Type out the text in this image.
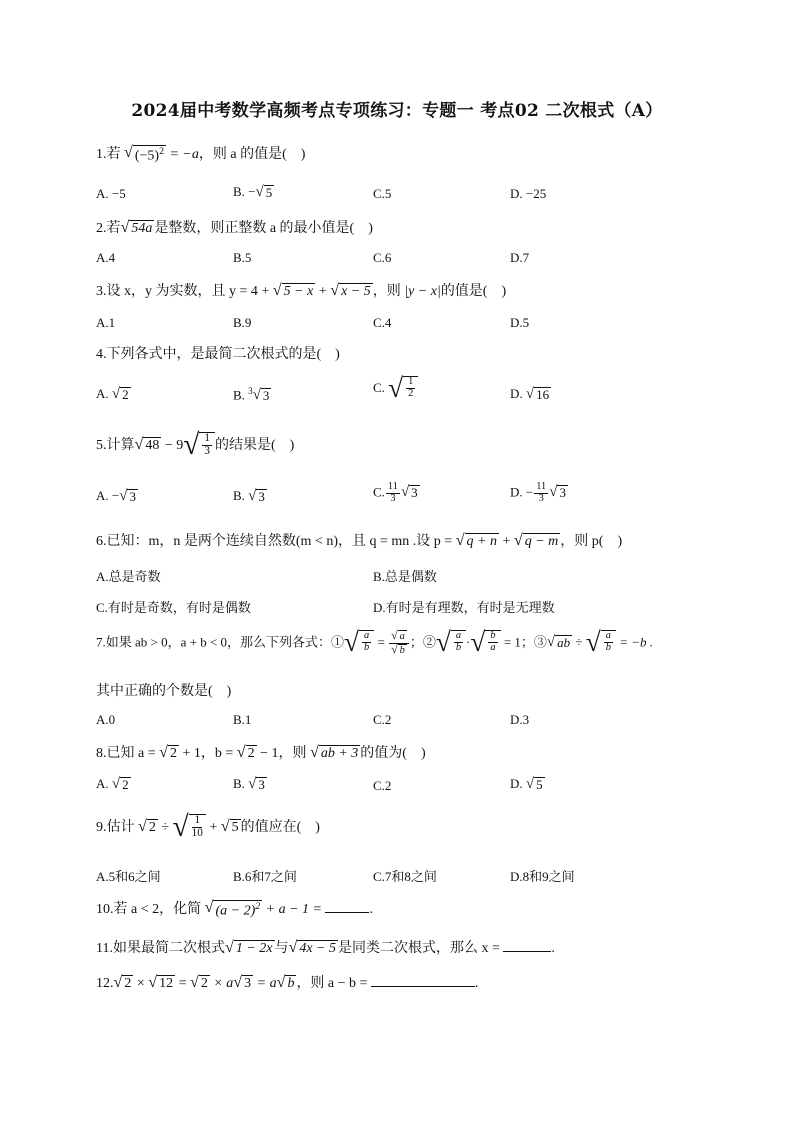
2024届中考数学高频考点专项练习：专题一 考点02 二次根式（A）
1.若 √ $(-5)^2 = -a$，则 a 的值是(　)
A. −5	B. − √ 5	C.5	D. −25
2.若 √ 54a 是整数，则正整数 a 的最小值是(　)
A.4	B.5	C.6	D.7
3.设 x，y 为实数，且 y = 4 + √ 5 − x + √ x − 5 ，则 |y − x|的值是(　)
A.1	B.9	C.4	D.5
4.下列各式中，是最简二次根式的是(　)
A. √ 2	B. $^3$ √ 3
C. √ $\frac{1}{2}$	D. √ 16
5.计算 √ 48 − 9 √ $\frac{1}{3}$ 的结果是(　)
A. − √ 3	B. √ 3	C. $\frac{11}{3}$ √ 3	D. − $\frac{11}{3}$ √ 3
6.已知：m，n 是两个连续自然数(m < n)，且 q = mn .设 p = √ q + n + √ q − m ，则 p(　)
A.总是奇数	B.总是偶数
C.有时是奇数，有时是偶数	D.有时是有理数，有时是无理数
7.如果 ab > 0，a + b < 0，那么下列各式：① √ $\frac{a}{b} = \frac{√ a}{√ b}$ ；② √ $\frac{a}{b}$ · √ $\frac{b}{a} = 1$；③ √ ab ÷ √ $\frac{a}{b} = -b$ .
其中正确的个数是(　)
A.0	B.1	C.2	D.3
8.已知 a = √ 2 + 1，b = √ 2 − 1，则 √ ab + 3 的值为(　)
A. √ 2	B. √ 3	C.2	D. √ 5
9.估计 √ 2 ÷ √ $\frac{1}{10}$ + √ 5 的值应在(　)
A.5和6之间	B.6和7之间	C.7和8之间	D.8和9之间
10.若 a < 2，化简 √ $(a - 2)^2 + a - 1$ =	.
11.如果最简二次根式 √ 1 − 2x 与 √ 4x − 5 是同类二次根式，那么 x =	.
12. √ 2 × √ 12 = √ 2 × a √ 3 = a √ b ，则 a − b =	.
